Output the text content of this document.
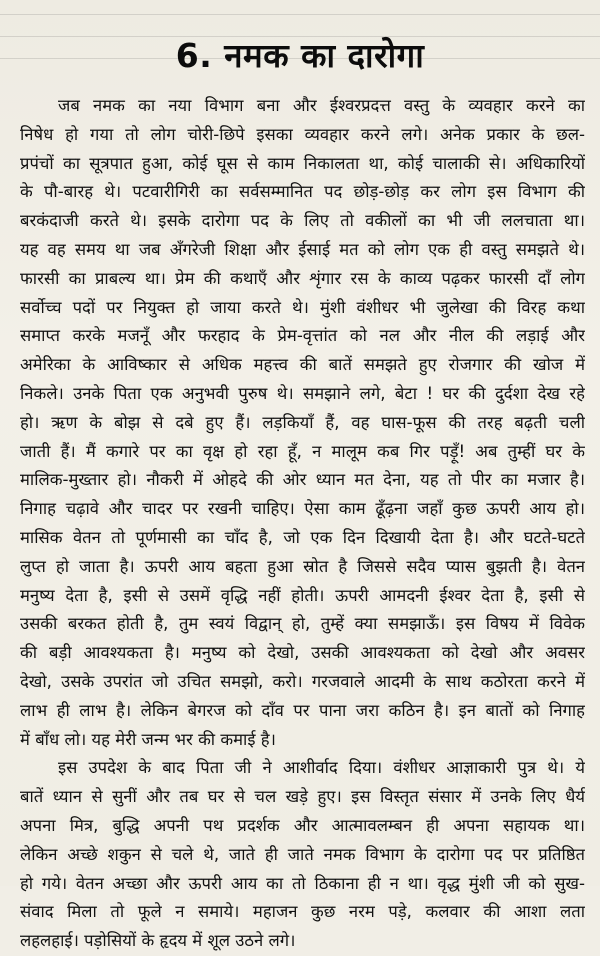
6. नमक का दारोगा
जब नमक का नया विभाग बना और ईश्वरप्रदत्त वस्तु के व्यवहार करने का
निषेध हो गया तो लोग चोरी-छिपे इसका व्यवहार करने लगे। अनेक प्रकार के छल-
प्रपंचों का सूत्रपात हुआ, कोई घूस से काम निकालता था, कोई चालाकी से। अधिकारियों
के पौ-बारह थे। पटवारीगिरी का सर्वसम्मानित पद छोड़-छोड़ कर लोग इस विभाग की
बरकंदाजी करते थे। इसके दारोगा पद के लिए तो वकीलों का भी जी ललचाता था।
यह वह समय था जब अँगरेजी शिक्षा और ईसाई मत को लोग एक ही वस्तु समझते थे।
फारसी का प्राबल्य था। प्रेम की कथाएँ और शृंगार रस के काव्य पढ़कर फारसी दाँ लोग
सर्वोच्च पदों पर नियुक्त हो जाया करते थे। मुंशी वंशीधर भी जुलेखा की विरह कथा
समाप्त करके मजनूँ और फरहाद के प्रेम-वृत्तांत को नल और नील की लड़ाई और
अमेरिका के आविष्कार से अधिक महत्त्व की बातें समझते हुए रोजगार की खोज में
निकले। उनके पिता एक अनुभवी पुरुष थे। समझाने लगे, बेटा ! घर की दुर्दशा देख रहे
हो। ऋण के बोझ से दबे हुए हैं। लड़कियाँ हैं, वह घास-फूस की तरह बढ़ती चली
जाती हैं। मैं कगारे पर का वृक्ष हो रहा हूँ, न मालूम कब गिर पड़ूँ! अब तुम्हीं घर के
मालिक-मुख्तार हो। नौकरी में ओहदे की ओर ध्यान मत देना, यह तो पीर का मजार है।
निगाह चढ़ावे और चादर पर रखनी चाहिए। ऐसा काम ढूँढ़ना जहाँ कुछ ऊपरी आय हो।
मासिक वेतन तो पूर्णमासी का चाँद है, जो एक दिन दिखायी देता है। और घटते-घटते
लुप्त हो जाता है। ऊपरी आय बहता हुआ स्रोत है जिससे सदैव प्यास बुझती है। वेतन
मनुष्य देता है, इसी से उसमें वृद्धि नहीं होती। ऊपरी आमदनी ईश्वर देता है, इसी से
उसकी बरकत होती है, तुम स्वयं विद्वान् हो, तुम्हें क्या समझाऊँ। इस विषय में विवेक
की बड़ी आवश्यकता है। मनुष्य को देखो, उसकी आवश्यकता को देखो और अवसर
देखो, उसके उपरांत जो उचित समझो, करो। गरजवाले आदमी के साथ कठोरता करने में
लाभ ही लाभ है। लेकिन बेगरज को दाँव पर पाना जरा कठिन है। इन बातों को निगाह
में बाँध लो। यह मेरी जन्म भर की कमाई है।
इस उपदेश के बाद पिता जी ने आशीर्वाद दिया। वंशीधर आज्ञाकारी पुत्र थे। ये
बातें ध्यान से सुनीं और तब घर से चल खड़े हुए। इस विस्तृत संसार में उनके लिए धैर्य
अपना मित्र, बुद्धि अपनी पथ प्रदर्शक और आत्मावलम्बन ही अपना सहायक था।
लेकिन अच्छे शकुन से चले थे, जाते ही जाते नमक विभाग के दारोगा पद पर प्रतिष्ठित
हो गये। वेतन अच्छा और ऊपरी आय का तो ठिकाना ही न था। वृद्ध मुंशी जी को सुख-
संवाद मिला तो फूले न समाये। महाजन कुछ नरम पड़े, कलवार की आशा लता
लहलहाई। पड़ोसियों के हृदय में शूल उठने लगे।
